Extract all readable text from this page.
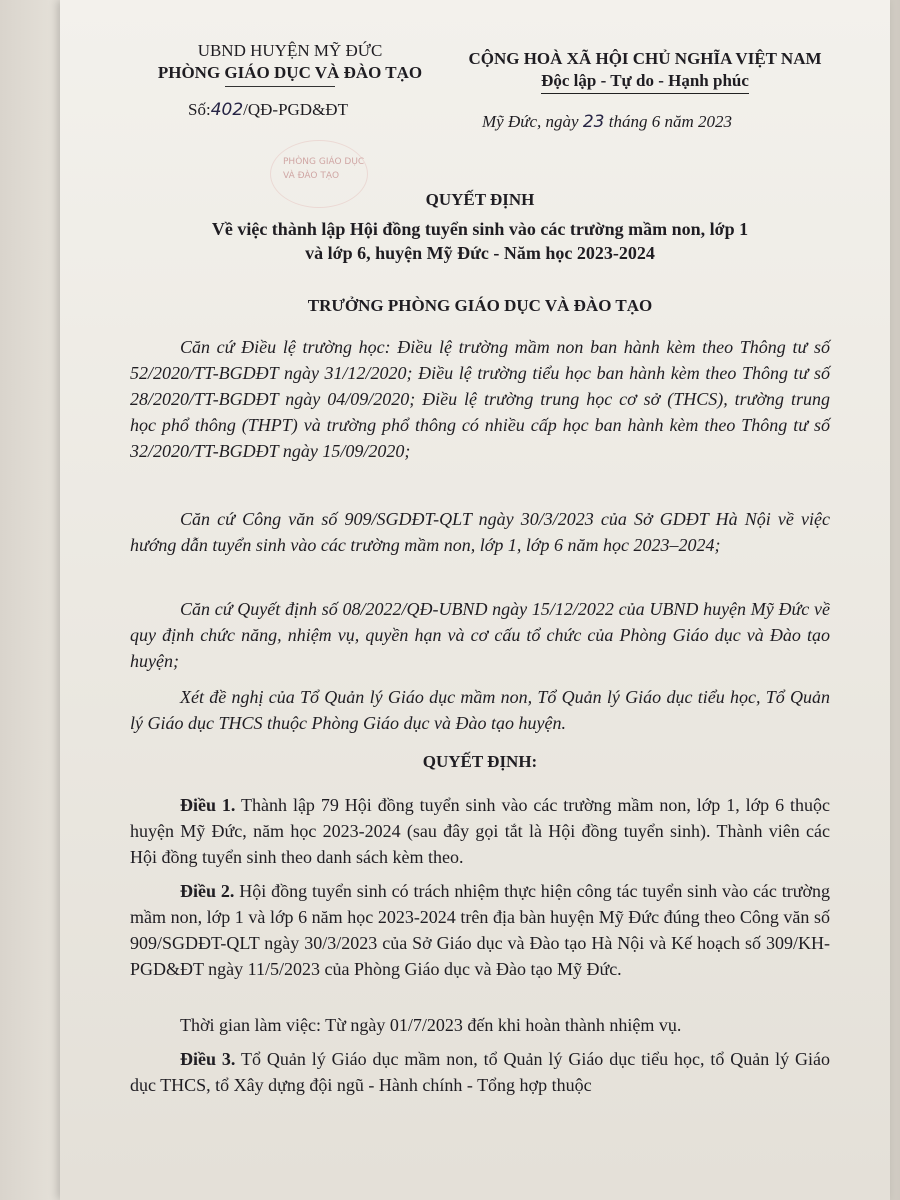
UBND HUYỆN MỸ ĐỨC
PHÒNG GIÁO DỤC VÀ ĐÀO TẠO
Số:402/QĐ-PGD&ĐT
CỘNG HOÀ XÃ HỘI CHỦ NGHĨA VIỆT NAM
Độc lập - Tự do - Hạnh phúc
Mỹ Đức, ngày 23 tháng 6 năm 2023
PHÒNG GIÁO DỤC
VÀ ĐÀO TẠO
QUYẾT ĐỊNH
Về việc thành lập Hội đồng tuyển sinh vào các trường mầm non, lớp 1
và lớp 6, huyện Mỹ Đức - Năm học 2023-2024
TRƯỞNG PHÒNG GIÁO DỤC VÀ ĐÀO TẠO
Căn cứ Điều lệ trường học: Điều lệ trường mầm non ban hành kèm theo Thông tư số 52/2020/TT-BGDĐT ngày 31/12/2020; Điều lệ trường tiểu học ban hành kèm theo Thông tư số 28/2020/TT-BGDĐT ngày 04/09/2020; Điều lệ trường trung học cơ sở (THCS), trường trung học phổ thông (THPT) và trường phổ thông có nhiều cấp học ban hành kèm theo Thông tư số 32/2020/TT-BGDĐT ngày 15/09/2020;
Căn cứ Công văn số 909/SGDĐT-QLT ngày 30/3/2023 của Sở GDĐT Hà Nội về việc hướng dẫn tuyển sinh vào các trường mầm non, lớp 1, lớp 6 năm học 2023–2024;
Căn cứ Quyết định số 08/2022/QĐ-UBND ngày 15/12/2022 của UBND huyện Mỹ Đức về quy định chức năng, nhiệm vụ, quyền hạn và cơ cấu tổ chức của Phòng Giáo dục và Đào tạo huyện;
Xét đề nghị của Tổ Quản lý Giáo dục mầm non, Tổ Quản lý Giáo dục tiểu học, Tổ Quản lý Giáo dục THCS thuộc Phòng Giáo dục và Đào tạo huyện.
QUYẾT ĐỊNH:
Điều 1. Thành lập 79 Hội đồng tuyển sinh vào các trường mầm non, lớp 1, lớp 6 thuộc huyện Mỹ Đức, năm học 2023-2024 (sau đây gọi tắt là Hội đồng tuyển sinh). Thành viên các Hội đồng tuyển sinh theo danh sách kèm theo.
Điều 2. Hội đồng tuyển sinh có trách nhiệm thực hiện công tác tuyển sinh vào các trường mầm non, lớp 1 và lớp 6 năm học 2023-2024 trên địa bàn huyện Mỹ Đức đúng theo Công văn số 909/SGDĐT-QLT ngày 30/3/2023 của Sở Giáo dục và Đào tạo Hà Nội và Kế hoạch số 309/KH-PGD&ĐT ngày 11/5/2023 của Phòng Giáo dục và Đào tạo Mỹ Đức.
Thời gian làm việc: Từ ngày 01/7/2023 đến khi hoàn thành nhiệm vụ.
Điều 3. Tổ Quản lý Giáo dục mầm non, tổ Quản lý Giáo dục tiểu học, tổ Quản lý Giáo dục THCS, tổ Xây dựng đội ngũ - Hành chính - Tổng hợp thuộc
